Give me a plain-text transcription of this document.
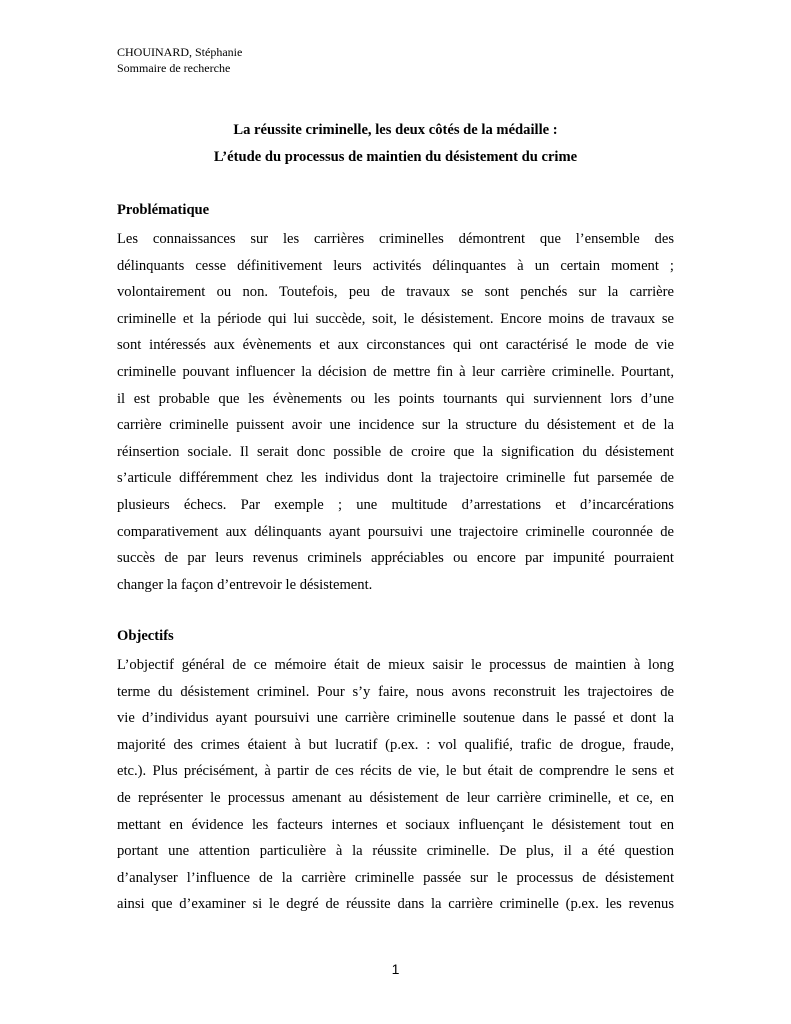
CHOUINARD, Stéphanie
Sommaire de recherche
La réussite criminelle, les deux côtés de la médaille :
L’étude du processus de maintien du désistement du crime
Problématique
Les connaissances sur les carrières criminelles démontrent que l’ensemble des
délinquants cesse définitivement leurs activités délinquantes à un certain moment ;
volontairement ou non. Toutefois, peu de travaux se sont penchés sur la carrière
criminelle et la période qui lui succède, soit, le désistement. Encore moins de travaux se
sont intéressés aux évènements et aux circonstances qui ont caractérisé le mode de vie
criminelle pouvant influencer la décision de mettre fin à leur carrière criminelle. Pourtant,
il est probable que les évènements ou les points tournants qui surviennent lors d’une
carrière criminelle puissent avoir une incidence sur la structure du désistement et de la
réinsertion sociale. Il serait donc possible de croire que la signification du désistement
s’articule différemment chez les individus dont la trajectoire criminelle fut parsemée de
plusieurs échecs. Par exemple ; une multitude d’arrestations et d’incarcérations
comparativement aux délinquants ayant poursuivi une trajectoire criminelle couronnée de
succès de par leurs revenus criminels appréciables ou encore par impunité pourraient
changer la façon d’entrevoir le désistement.
Objectifs
L’objectif général de ce mémoire était de mieux saisir le processus de maintien à long
terme du désistement criminel. Pour s’y faire, nous avons reconstruit les trajectoires de
vie d’individus ayant poursuivi une carrière criminelle soutenue dans le passé et dont la
majorité des crimes étaient à but lucratif (p.ex. : vol qualifié, trafic de drogue, fraude,
etc.). Plus précisément, à partir de ces récits de vie, le but était de comprendre le sens et
de représenter le processus amenant au désistement de leur carrière criminelle, et ce, en
mettant en évidence les facteurs internes et sociaux influençant le désistement tout en
portant une attention particulière à la réussite criminelle. De plus, il a été question
d’analyser l’influence de la carrière criminelle passée sur le processus de désistement
ainsi que d’examiner si le degré de réussite dans la carrière criminelle (p.ex. les revenus
1
